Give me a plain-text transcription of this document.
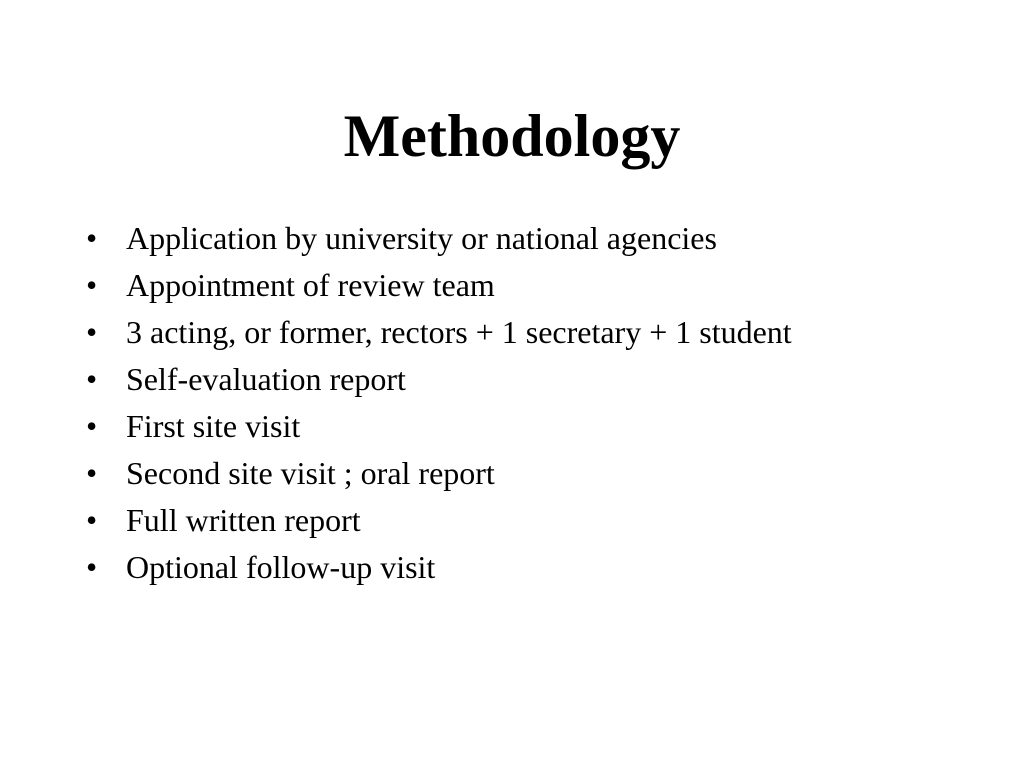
Methodology
• Application by university or national agencies
• Appointment of review team
• 3 acting, or former, rectors + 1 secretary + 1 student
• Self-evaluation report
• First site visit
• Second site visit ; oral report
• Full written report
• Optional follow-up visit
